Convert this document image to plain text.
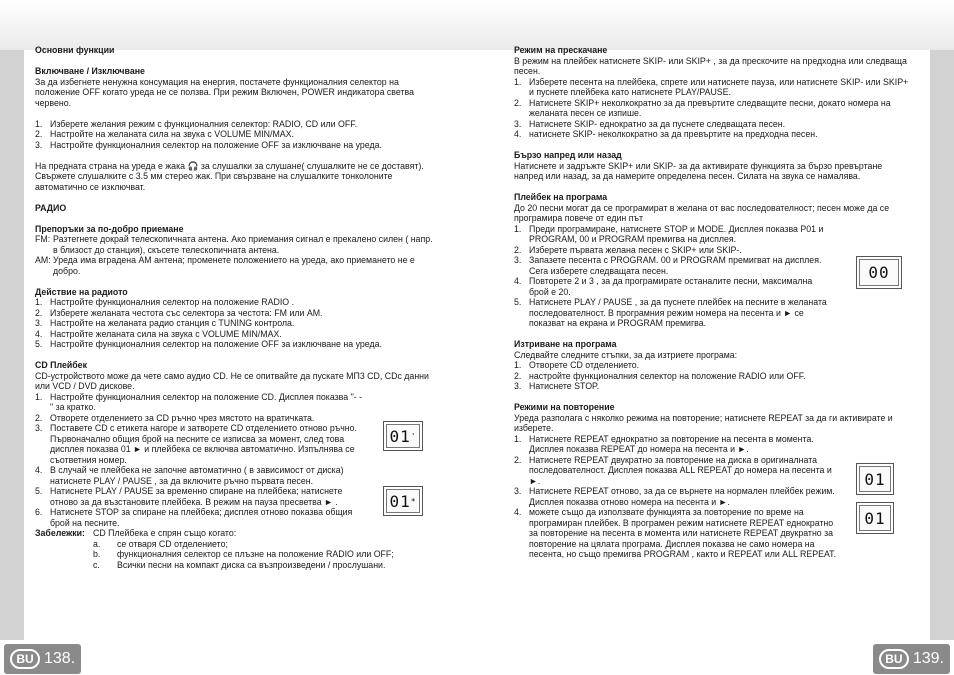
Основни функции
Включване / Изключване
За да избегнете ненужна консумация на енергия, постачете функционалния селектор на положение OFF когато уреда не се ползва. При режим Включен, POWER индикатора светва червено.
1. Изберете желания режим с функционалния селектор: RADIO, CD или OFF.
2. Настройте на желаната сила на звука с VOLUME MIN/MAX.
3. Настройте функционалния селектор на положение OFF за изключване на уреда.
На предната страна на уреда е жака 🎧 за слушалки за слушане( слушалките не се доставят). Свържете слушалките с 3.5 мм стерео жак. При свързване на слушалките тонколоните автоматично се изключват.
РАДИО
Препоръки за по-добро приемане
FM: Разтегнете докрай телескопичната антена. Ако приемания сигнал е прекалено силен ( напр. в близост до станция), скъсете телескопичната антена.
AM: Уреда има вградена AM антена; променете положението на уреда, ако приемането не е добро.
Действие на радиото
1. Настройте функционалния селектор на положение RADIO .
2. Изберете желаната честота със селектора за честота: FM или AM.
3. Настройте на желаната радио станция с TUNING контрола.
4. Настройте желаната сила на звука с VOLUME MIN/MAX.
5. Настройте функционалния селектор на положение OFF за изключване на уреда.
CD Плейбек
CD-устройството може да чете само аудио CD. Не се опитвайте да пускате МП3 CD, CDс данни или VCD / DVD дискове.
1. Настройте функционалния селектор на положение CD. Дисплея показва "- -" за кратко.
2. Отворете отделението за CD ръчно чрез мястото на вратичката.
3. Поставете CD с етикета нагоре и затворете CD отделението отново ръчно. Първоначално общия брой на песните се изписва за момент, след това дисплея показва 01 ► и плейбека се включва автоматично. Изпълнява се съответния номер.
4. В случай че плейбека не започне автоматично ( в зависимост от диска) натиснете PLAY / PAUSE , за да включите ръчно първата песен.
5. Натиснете PLAY / PAUSE за временно спиране на плейбека; натиснете отново за да възстановите плейбека. В режим на пауза пресветва ► .
6. Натиснете STOP за спиране на плейбека; дисплея отново показва общия брой на песните.
Забележки: CD Плейбека е спрян също когато:
a.	се отваря CD отделението;
b.	функционалния селектор се плъзне на положение RADIO или OFF;
c.	Всички песни на компакт диска са възпроизведени / прослушани.
01 '
01 *
Режим на прескачане
В режим на плейбек натиснете SKIP- или SKIP+ , за да прескочите на предходна или следваща песен.
1. Изберете песента на плейбека, спрете или натиснете пауза, или натиснете SKIP- или SKIP+ и пуснете плейбека като натиснете PLAY/PAUSE.
2. Натиснете SKIP+ неколкократно за да превъртите следващите песни, докато номера на желаната песен се изпише.
3. Натиснете SKIP- еднократно за да пуснете следващата песен.
4. натиснете SKIP- неколкократно за да превъртите на предходна песен.
Бързо напред или назад
Натиснете и задръжте SKIP+ или SKIP- за да активирате функцията за бързо превъртане напред или назад, за да намерите определена песен. Силата на звука се намалява.
Плейбек на програма
До 20 песни могат да се програмират в желана от вас последователност; песен може да се програмира повече от един път
1. Преди програмиране, натиснете STOP и MODE. Дисплея показва P01 и PROGRAM, 00 и PROGRAM премигва на дисплея.
2. Изберете първата желана песен с SKIP+ или SKIP-.
3. Запазете песента с PROGRAM. 00 и PROGRAM премигват на дисплея. Сега изберете следващата песен.
4. Повторете 2 и 3 , за да програмирате останалите песни, максимална брой е 20.
5. Натиснете PLAY / PAUSE , за да пуснете плейбек на песните в желаната последователност. В програмния режим номера на песента и ► се показват на екрана и PROGRAM премигва.
Изтриване на програма
Следвайте следните стъпки, за да изтриете програма:
1. Отворете CD отделението.
2. настройте функционалния селектор на положение RADIO или OFF.
3. Натиснете STOP.
Режими на повторение
Уреда разполага с няколко режима на повторение; натиснете REPEAT за да ги активирате и изберете.
1. Натиснете REPEAT еднократно за повторение на песента в момента. Дисплея показва REPEAT до номера на песента и ►.
2. Натиснете REPEAT двукратно за повторение на диска в оригиналната последователност. Дисплея показва ALL REPEAT до номера на песента и ►.
3. Натиснете REPEAT отново, за да се върнете на нормален плейбек режим. Дисплея показва отново номера на песента и ►.
4. можете също да използвате функцията за повторение по време на програмиран плейбек. В програмен режим натиснете REPEAT еднократно за повторение на песента в момента или натиснете REPEAT двукратно за повторение на цялата програма. Дисплея показва не само номера на песента, но също премигва PROGRAM , както и REPEAT или ALL REPEAT.
00
01
01
BU 138.	BU 139.
